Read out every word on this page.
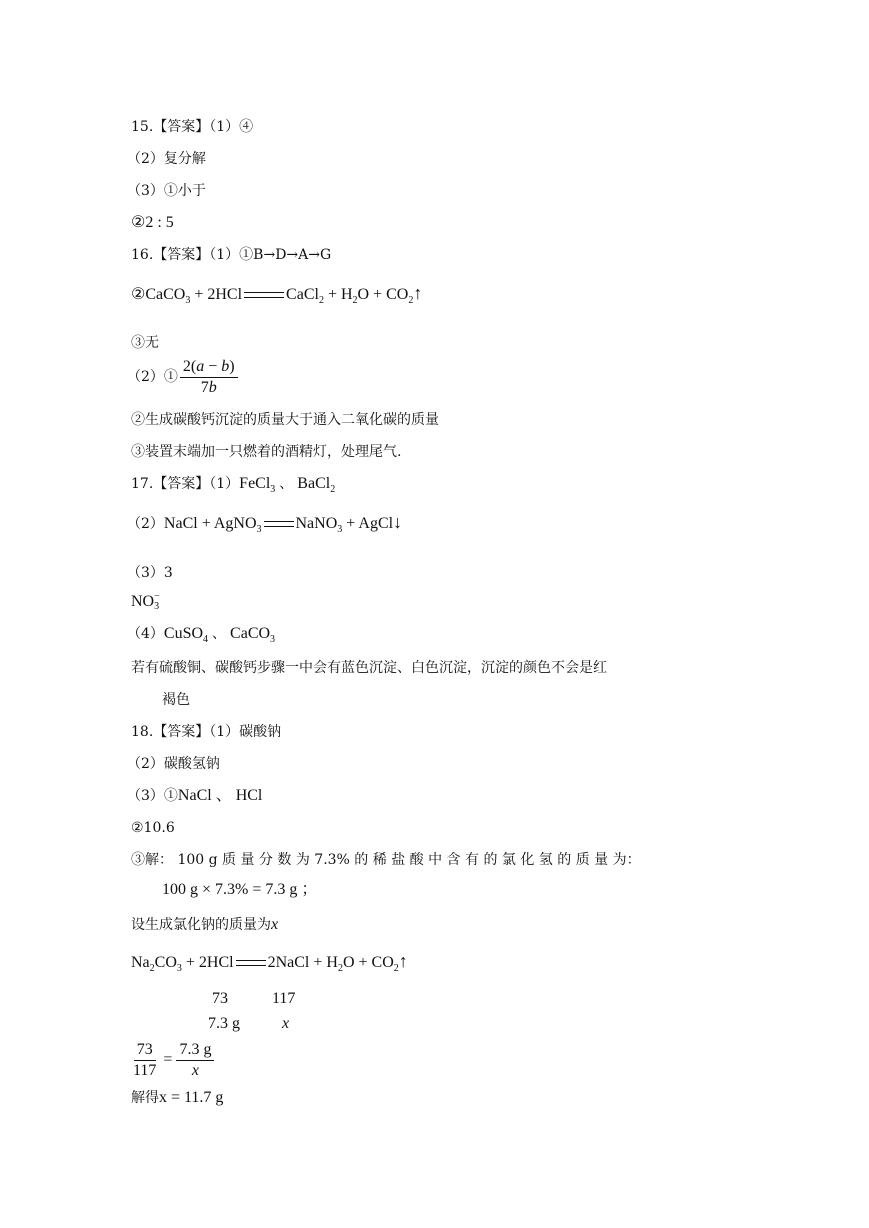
15.【答案】（1）④
（2）复分解
（3）①小于
②2 : 5
16.【答案】（1）①B→D→A→G
②CaCO$_3$ + 2HCl	CaCl$_2$ + $H_2O$ + $CO_2↑$
③无
（2）① $\frac{2(a - b)}{7b}$
②生成碳酸钙沉淀的质量大于通入二氧化碳的质量
③装置末端加一只燃着的酒精灯，处理尾气.
17.【答案】（1）FeCl$_3$ 、 BaCl$_2$
（2）NaCl + AgNO$_3$ NaNO$_3$ + AgCl↓
（3）3
NO −
3
（4）CuSO$_4$ 、 CaCO$_3$
若有硫酸铜、碳酸钙步骤一中会有蓝色沉淀、白色沉淀，沉淀的颜色不会是红
褐色
18.【答案】（1）碳酸钠
（2）碳酸氢钠
（3）①NaCl 、 HCl
②10.6
③解： 100 g 质 量 分 数 为 7.3% 的 稀 盐 酸 中 含 有 的 氯 化 氢 的 质 量 为：
100 g × 7.3% = 7.3 g ；
设生成氯化钠的质量为x
$Na_2CO_3 + 2HCl$ 2NaCl + $H_2O$ + $CO_2↑$
73	117
7.3 g	x
$\frac{73}{117} = \frac{7.3 g}{x}$
解得x = 11.7 g
